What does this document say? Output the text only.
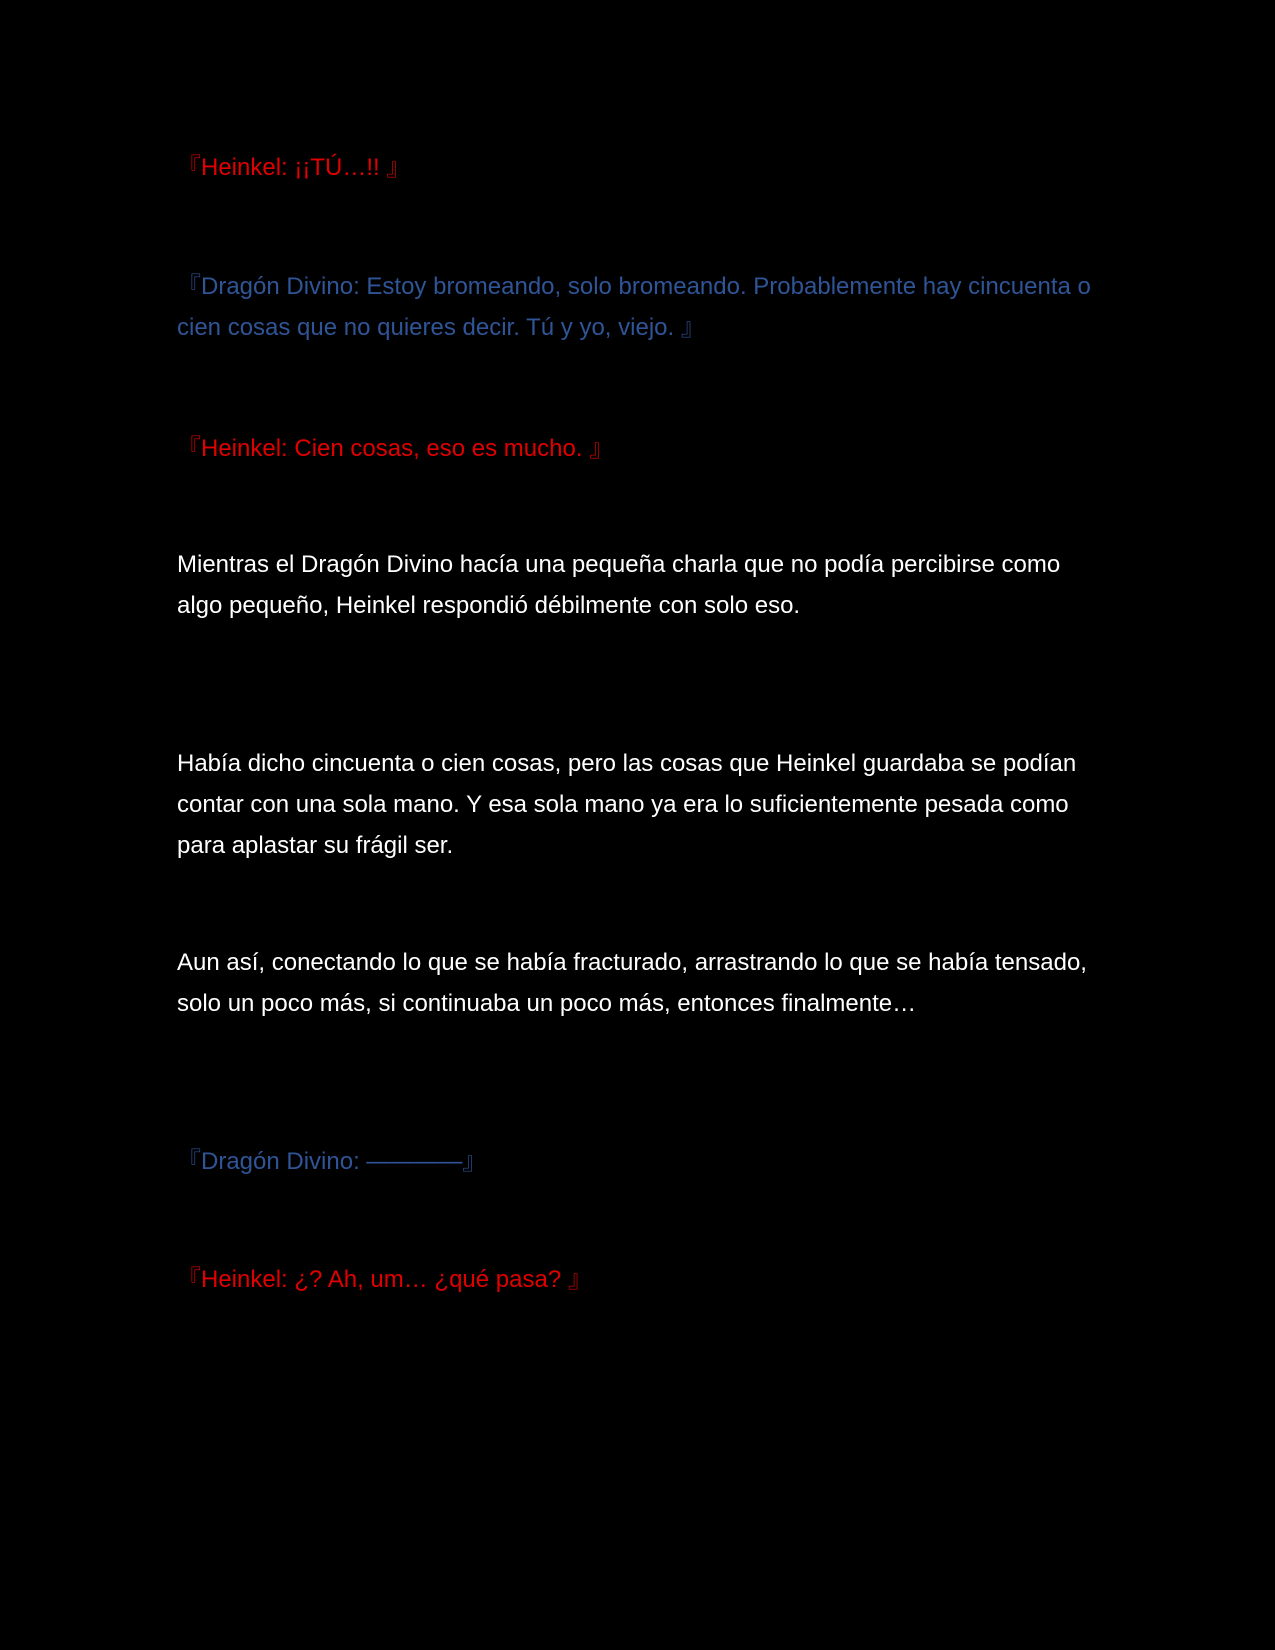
『Heinkel: ¡¡TÚ…!! 』

『Dragón Divino: Estoy bromeando, solo bromeando. Probablemente hay cincuenta o cien cosas que no quieres decir. Tú y yo, viejo. 』

『Heinkel: Cien cosas, eso es mucho. 』

Mientras el Dragón Divino hacía una pequeña charla que no podía percibirse como algo pequeño, Heinkel respondió débilmente con solo eso.

Había dicho cincuenta o cien cosas, pero las cosas que Heinkel guardaba se podían contar con una sola mano. Y esa sola mano ya era lo suficientemente pesada como para aplastar su frágil ser.

Aun así, conectando lo que se había fracturado, arrastrando lo que se había tensado, solo un poco más, si continuaba un poco más, entonces finalmente…

『Dragón Divino: ————』

『Heinkel: ¿? Ah, um… ¿qué pasa? 』
